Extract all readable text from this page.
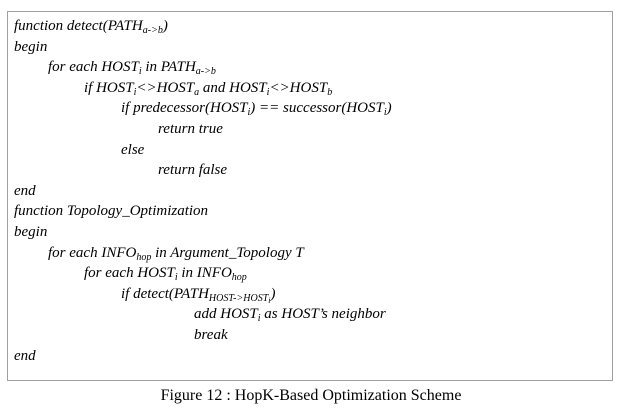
function $detect(PATH_{a->b})$
begin
for each $HOST_i$ in $PATH_{a->b}$
if $HOST_i<>HOST_a$ and $HOST_i<>HOST_b$
if $predecessor(HOST_i)$ == $successor(HOST_i)$
return true
else
return false
end
function Topology_Optimization
begin
for each $INFO_{hop}$ in Argument_Topology T
for each $HOST_i$ in $INFO_{hop}$
if $detect(PATH_{HOST->HOST_i})$
add $HOST_i$ as HOST’s neighbor
break
end
Figure 12 : HopK-Based Optimization Scheme
